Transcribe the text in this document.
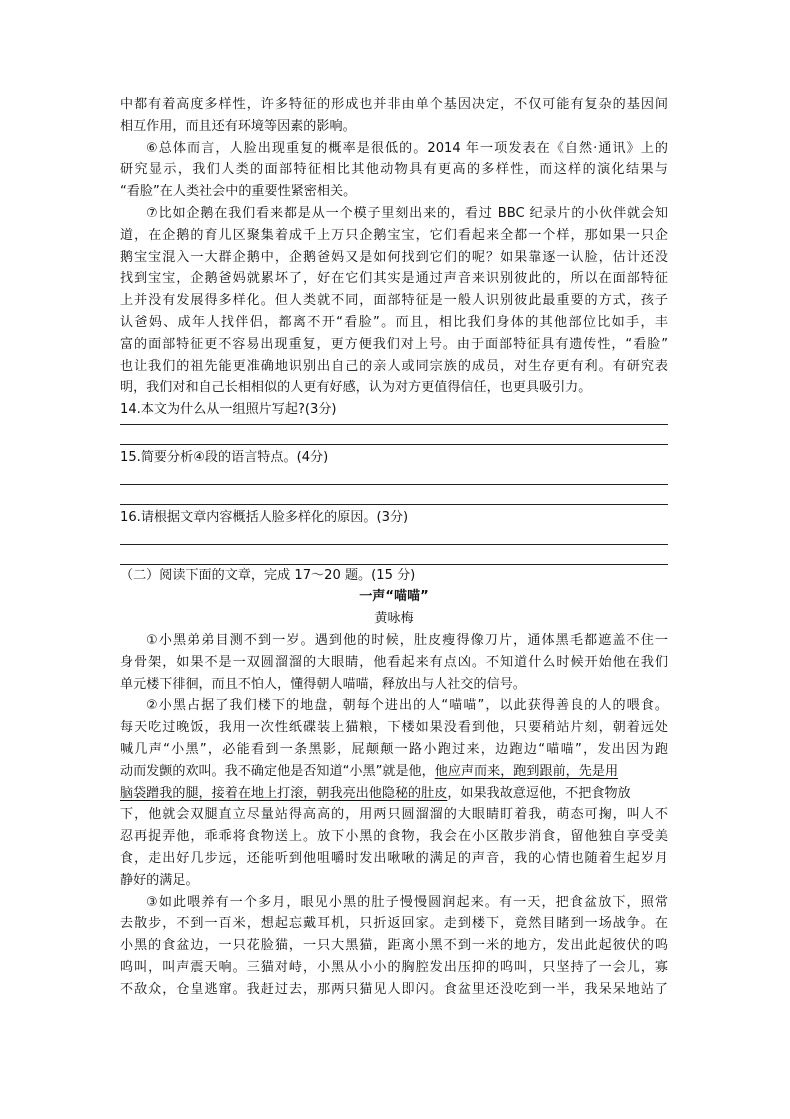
中都有着高度多样性，许多特征的形成也并非由单个基因决定，不仅可能有复杂的基因间
相互作用，而且还有环境等因素的影响。
⑥总体而言，人脸出现重复的概率是很低的。2014 年一项发表在《自然·通讯》上的
研究显示，我们人类的面部特征相比其他动物具有更高的多样性，而这样的演化结果与
“看脸”在人类社会中的重要性紧密相关。
⑦比如企鹅在我们看来都是从一个模子里刻出来的，看过 BBC 纪录片的小伙伴就会知
道，在企鹅的育儿区聚集着成千上万只企鹅宝宝，它们看起来全都一个样，那如果一只企
鹅宝宝混入一大群企鹅中，企鹅爸妈又是如何找到它们的呢？如果靠逐一认脸，估计还没
找到宝宝，企鹅爸妈就累坏了，好在它们其实是通过声音来识别彼此的，所以在面部特征
上并没有发展得多样化。但人类就不同，面部特征是一般人识别彼此最重要的方式，孩子
认爸妈、成年人找伴侣，都离不开“看脸”。而且，相比我们身体的其他部位比如手，丰
富的面部特征更不容易出现重复，更方便我们对上号。由于面部特征具有遗传性，“看脸”
也让我们的祖先能更准确地识别出自己的亲人或同宗族的成员，对生存更有利。有研究表
明，我们对和自己长相相似的人更有好感，认为对方更值得信任，也更具吸引力。
14.本文为什么从一组照片写起?(3分)
15.简要分析④段的语言特点。(4分)
16.请根据文章内容概括人脸多样化的原因。(3分)
（二）阅读下面的文章，完成 17～20 题。(15 分)
一声“喵喵”
黄咏梅
①小黑弟弟目测不到一岁。遇到他的时候，肚皮瘦得像刀片，通体黑毛都遮盖不住一
身骨架，如果不是一双圆溜溜的大眼睛，他看起来有点凶。不知道什么时候开始他在我们
单元楼下徘徊，而且不怕人，懂得朝人喵喵，释放出与人社交的信号。
②小黑占据了我们楼下的地盘，朝每个进出的人“喵喵”，以此获得善良的人的喂食。
每天吃过晚饭，我用一次性纸碟装上猫粮，下楼如果没看到他，只要稍站片刻，朝着远处
喊几声“小黑”，必能看到一条黑影，屁颠颠一路小跑过来，边跑边“喵喵”，发出因为跑
动而发颤的欢叫。我不确定他是否知道“小黑”就是他，他应声而来，跑到跟前，先是用
脑袋蹭我的腿，接着在地上打滚，朝我亮出他隐秘的肚皮，如果我故意逗他，不把食物放
下，他就会双腿直立尽量站得高高的，用两只圆溜溜的大眼睛盯着我，萌态可掬，叫人不
忍再捉弄他，乖乖将食物送上。放下小黑的食物，我会在小区散步消食，留他独自享受美
食，走出好几步远，还能听到他咀嚼时发出啾啾的满足的声音，我的心情也随着生起岁月
静好的满足。
③如此喂养有一个多月，眼见小黑的肚子慢慢圆润起来。有一天，把食盆放下，照常
去散步，不到一百米，想起忘戴耳机，只折返回家。走到楼下，竟然目睹到一场战争。在
小黑的食盆边，一只花脸猫，一只大黑猫，距离小黑不到一米的地方，发出此起彼伏的呜
呜叫，叫声震天响。三猫对峙，小黑从小小的胸腔发出压抑的呜叫，只坚持了一会儿，寡
不敌众，仓皇逃窜。我赶过去，那两只猫见人即闪。食盆里还没吃到一半，我呆呆地站了
